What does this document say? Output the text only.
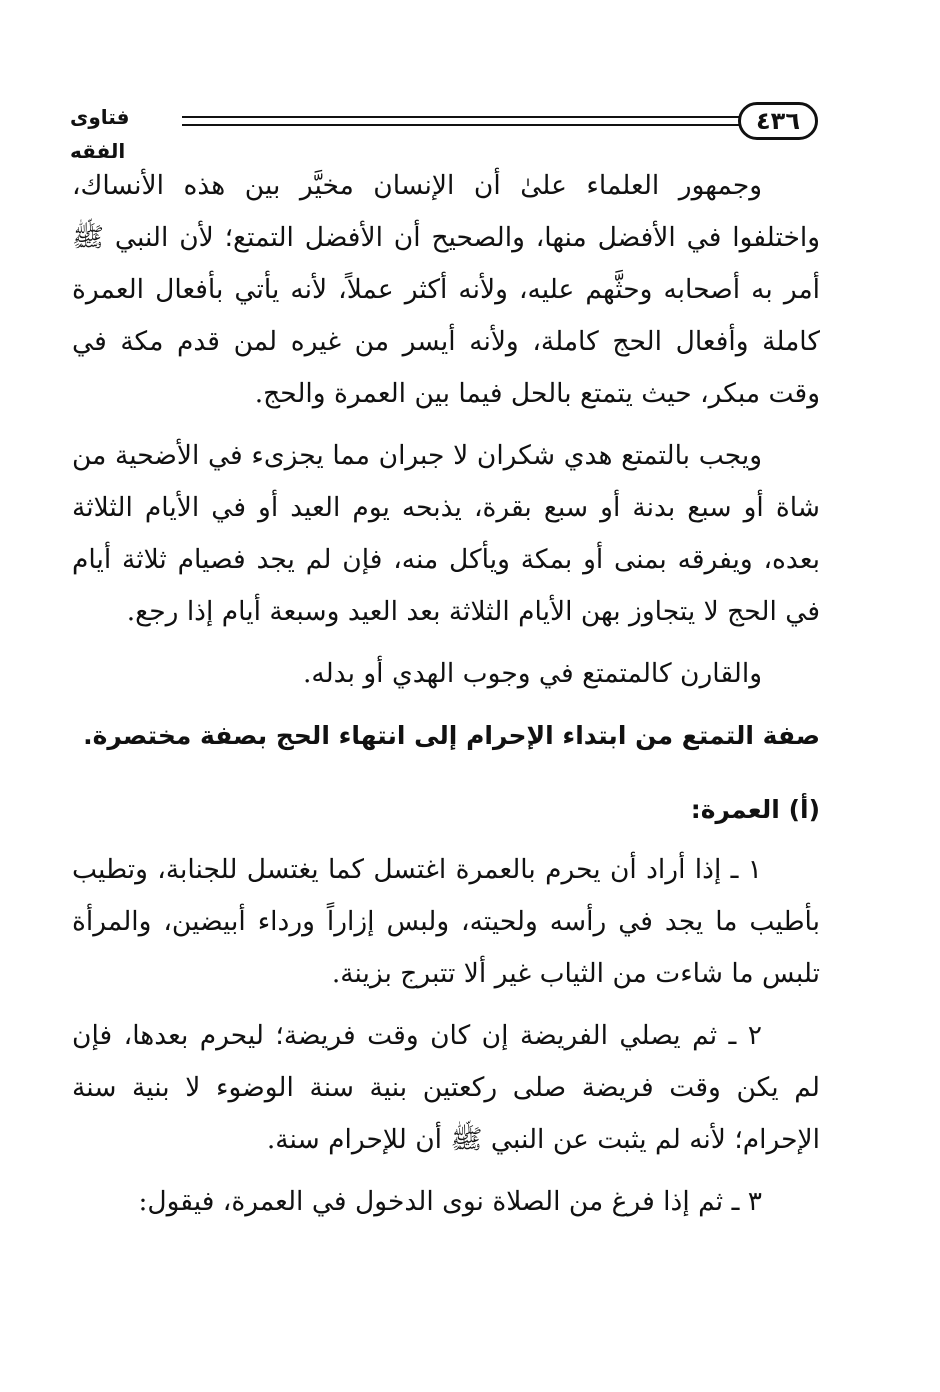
فتاوى الفقه
٤٣٦

وجمهور العلماء علىٰ أن الإنسان مخيَّر بين هذه الأنساك، واختلفوا في الأفضل منها، والصحيح أن الأفضل التمتع؛ لأن النبي ﷺ أمر به أصحابه وحثَّهم عليه، ولأنه أكثر عملاً، لأنه يأتي بأفعال العمرة كاملة وأفعال الحج كاملة، ولأنه أيسر من غيره لمن قدم مكة في وقت مبكر، حيث يتمتع بالحل فيما بين العمرة والحج.

ويجب بالتمتع هدي شكران لا جبران مما يجزىء في الأضحية من شاة أو سبع بدنة أو سبع بقرة، يذبحه يوم العيد أو في الأيام الثلاثة بعده، ويفرقه بمنى أو بمكة ويأكل منه، فإن لم يجد فصيام ثلاثة أيام في الحج لا يتجاوز بهن الأيام الثلاثة بعد العيد وسبعة أيام إذا رجع.

والقارن كالمتمتع في وجوب الهدي أو بدله.

صفة التمتع من ابتداء الإحرام إلى انتهاء الحج بصفة مختصرة.

(أ) العمرة:

١ ـ إذا أراد أن يحرم بالعمرة اغتسل كما يغتسل للجنابة، وتطيب بأطيب ما يجد في رأسه ولحيته، ولبس إزاراً ورداء أبيضين، والمرأة تلبس ما شاءت من الثياب غير ألا تتبرج بزينة.

٢ ـ ثم يصلي الفريضة إن كان وقت فريضة؛ ليحرم بعدها، فإن لم يكن وقت فريضة صلى ركعتين بنية سنة الوضوء لا بنية سنة الإحرام؛ لأنه لم يثبت عن النبي ﷺ أن للإحرام سنة.

٣ ـ ثم إذا فرغ من الصلاة نوى الدخول في العمرة، فيقول:
